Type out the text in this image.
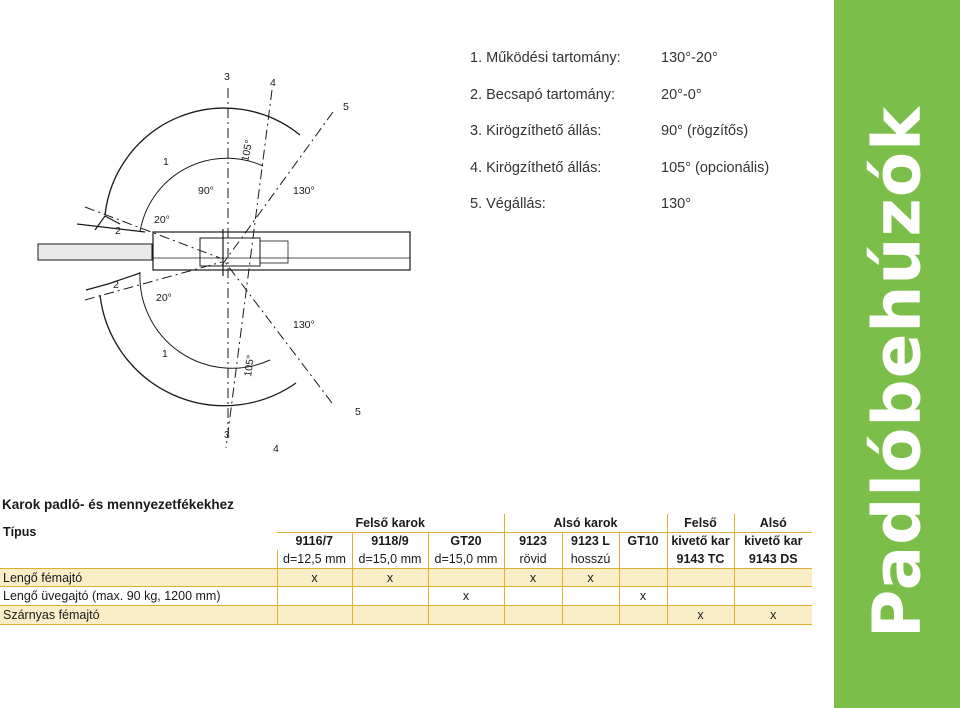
3	4
5
1
2
105°
90°	130°
20°
2
20°
130°
1
105°
5
3
4
1. Működési tartomány:	130°-20°
2. Becsapó tartomány:	20°-0°
3. Kirögzíthető állás:	90° (rögzítős)
4. Kirögzíthető állás:	105° (opcionális)
5. Végállás:	130°	Padlóbehúzók
Karok padló- és mennyezetfékekhez
Típus	Felső karok			Alsó karok			Felső	Alsó
	9116/7	9118/9	GT20	9123	9123 L	GT10	kivető kar	kivető kar
	d=12,5 mm	d=15,0 mm	d=15,0 mm	rövid	hosszú		9143 TC	9143 DS
Lengő fémajtó	x	x		x	x			
Lengő üvegajtó (max. 90 kg, 1200 mm)			x			x		
Szárnyas fémajtó							x	x
